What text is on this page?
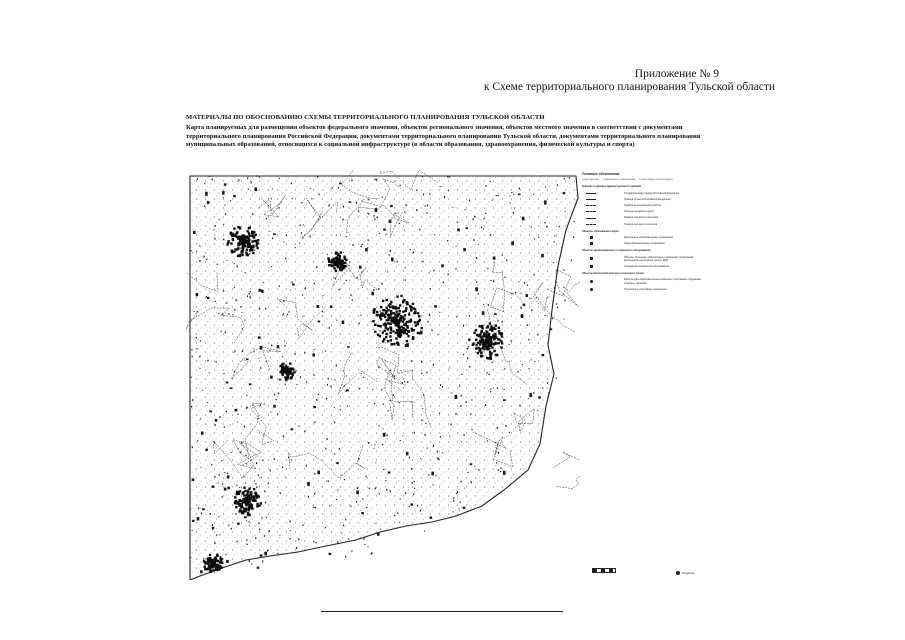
Приложение № 9
к Схеме территориального планирования Тульской области
МАТЕРИАЛЫ ПО ОБОСНОВАНИЮ СХЕМЫ ТЕРРИТОРИАЛЬНОГО ПЛАНИРОВАНИЯ ТУЛЬСКОЙ ОБЛАСТИ
Карта планируемых для размещения объектов федерального значения, объектов регионального значения, объектов местного значения в соответствии с документами территориального планирования Российской Федерации, документами территориального планирования Тульской области, документами территориального планирования муниципальных образований, относящихся к социальной инфраструктуре (в области образования, здравоохранения, физической культуры и спорта)
Условные обозначения:
существующие планируемые к размещению планируемые к реконструкции
Границы и единицы административного деления
Государственная граница Российской Федерации
Граница субъекта Российской Федерации
Граница муниципального района
Граница городского округа
Граница городского поселения
Граница сельского поселения
Объекты образования и науки
Дошкольные образовательные организации
Общеобразовательные организации
Объекты здравоохранения и социального обслуживания
Объекты, больницы, амбулаторные учреждения, поликлиники, фельдшерско-акушерские пункты, ФАП
Учреждения социального обслуживания
Объекты физической культуры и массового спорта
Физкультурно-оздоровительные комплексы, спортивные сооружения, стадионы, бассейны
Плоскостные спортивные сооружения
Гипрогор
